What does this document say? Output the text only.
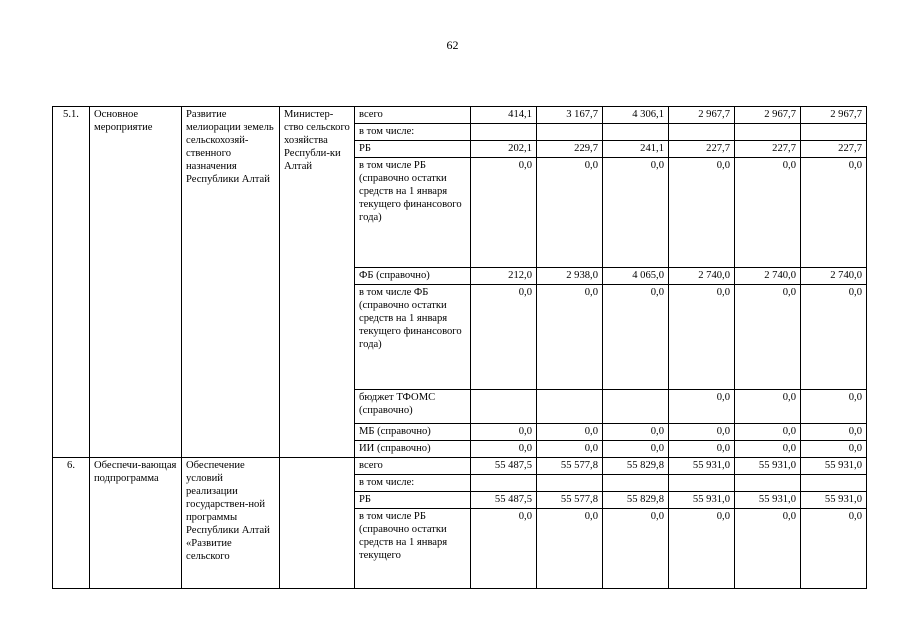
62
5.1.	Основное мероприятие	Развитие мелиорации земель сельскохозяй-ственного назначения Республики Алтай	Министер-ство сельского хозяйства Республи-ки Алтай	всего	414,1	3 167,7	4 306,1	2 967,7	2 967,7	2 967,7
				в том числе:						
				РБ	202,1	229,7	241,1	227,7	227,7	227,7
				в том числе РБ (справочно остатки средств на 1 января текущего финансового года)	0,0	0,0	0,0	0,0	0,0	0,0
				ФБ (справочно)	212,0	2 938,0	4 065,0	2 740,0	2 740,0	2 740,0
				в том числе ФБ (справочно остатки средств на 1 января текущего финансового года)	0,0	0,0	0,0	0,0	0,0	0,0
				бюджет ТФОМС (справочно)				0,0	0,0	0,0
				МБ (справочно)	0,0	0,0	0,0	0,0	0,0	0,0
				ИИ (справочно)	0,0	0,0	0,0	0,0	0,0	0,0
6.	Обеспечи-вающая подпрограмма	Обеспечение условий реализации государствен-ной программы Республики Алтай «Развитие сельского		всего	55 487,5	55 577,8	55 829,8	55 931,0	55 931,0	55 931,0
				в том числе:						
				РБ	55 487,5	55 577,8	55 829,8	55 931,0	55 931,0	55 931,0
				в том числе РБ (справочно остатки средств на 1 января текущего	0,0	0,0	0,0	0,0	0,0	0,0
